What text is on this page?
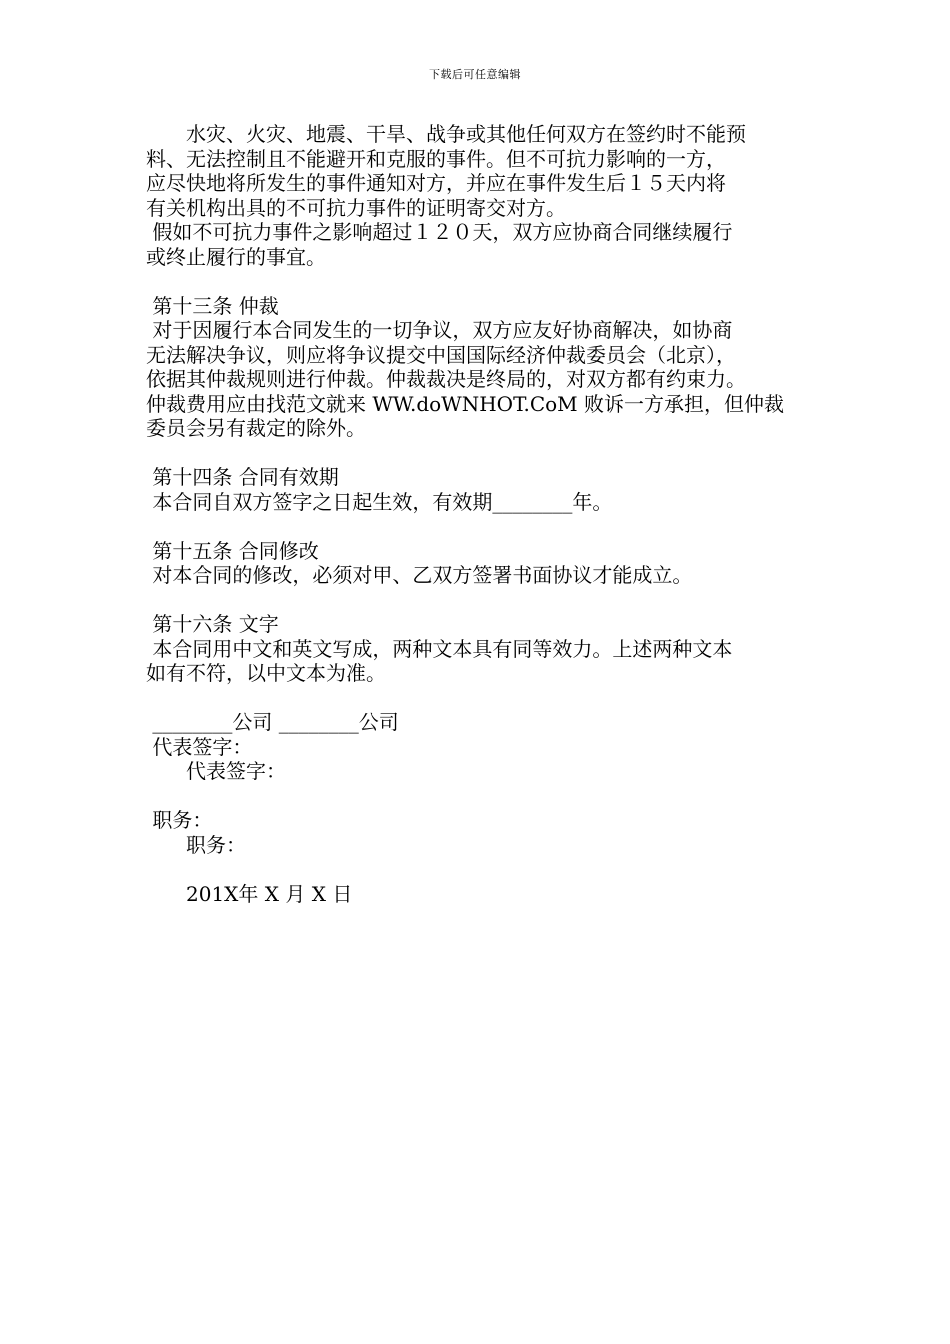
下载后可任意编辑
　　水灾、火灾、地震、干旱、战争或其他任何双方在签约时不能预
料、无法控制且不能避开和克服的事件。但不可抗力影响的一方，
应尽快地将所发生的事件通知对方，并应在事件发生后１５天内将
有关机构出具的不可抗力事件的证明寄交对方。
假如不可抗力事件之影响超过１２０天，双方应协商合同继续履行
或终止履行的事宜。
第十三条 仲裁
对于因履行本合同发生的一切争议，双方应友好协商解决，如协商
无法解决争议，则应将争议提交中国国际经济仲裁委员会（北京），
依据其仲裁规则进行仲裁。仲裁裁决是终局的，对双方都有约束力。
仲裁费用应由找范文就来 WW.doWNHOT.CoM 败诉一方承担，但仲裁
委员会另有裁定的除外。
第十四条 合同有效期
本合同自双方签字之日起生效，有效期________年。
第十五条 合同修改
对本合同的修改，必须对甲、乙双方签署书面协议才能成立。
第十六条 文字
本合同用中文和英文写成，两种文本具有同等效力。上述两种文本
如有不符，以中文本为准。
________公司 ________公司
代表签字：
　　代表签字：
职务：
　　职务：
　　201X年 X 月 X 日
